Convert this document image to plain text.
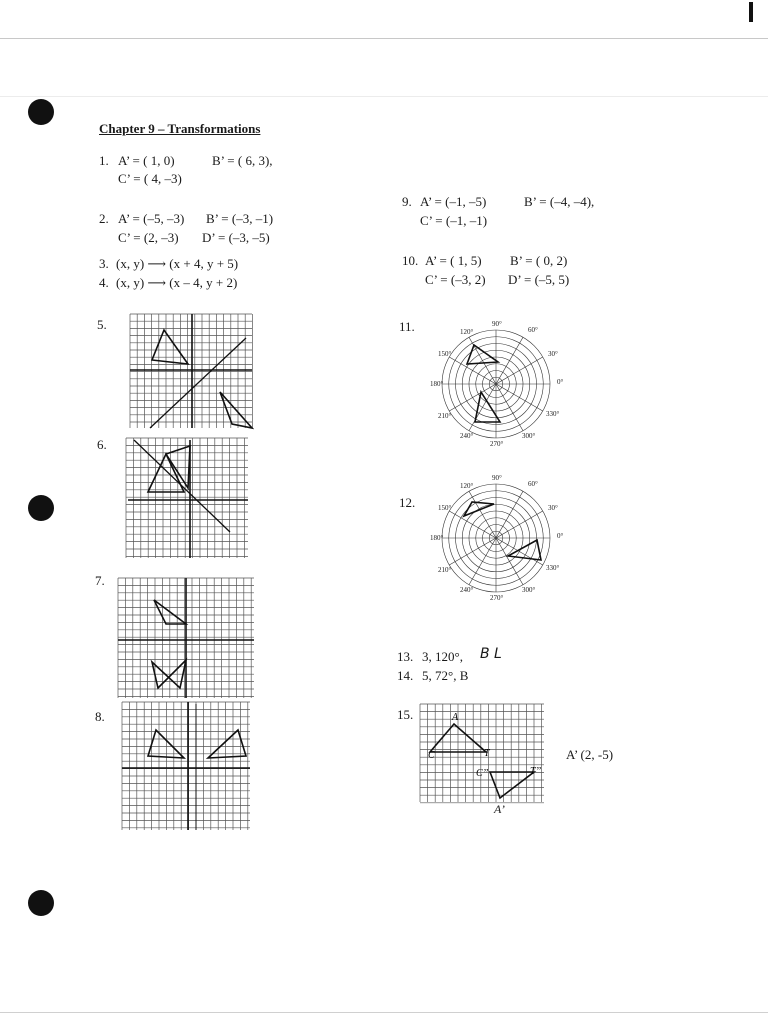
Chapter 9 – Transformations
1. A’ = ( 1, 0)	B’ = ( 6, 3),
C’ = ( 4, –3)
2. A’ = (–5, –3) B’ = (–3, –1)
C’ = (2, –3) D’ = (–3, –5)
3. (x, y) ⟶ (x + 4, y + 5)
4. (x, y) ⟶ (x – 4, y + 2)
5.
6.
7.
8.
9. A’ = (–1, –5)	B’ = (–4, –4),
C’ = (–1, –1)
10. A’ = ( 1, 5) B’ = ( 0, 2)
C’ = (–3, 2) D’ = (–5, 5)
11.	90°
60°
30°
0°
330°
300°
270°
240°
210°
180°
150°
120°
12.
90°
60°
30°
0°
330°
300°
270°
240°
210°
180°
150°
120°
13. 3, 120°, B L
14. 5, 72°, B
15.	A
C	T
C’’	T’’
A’
A’ (2, -5)
